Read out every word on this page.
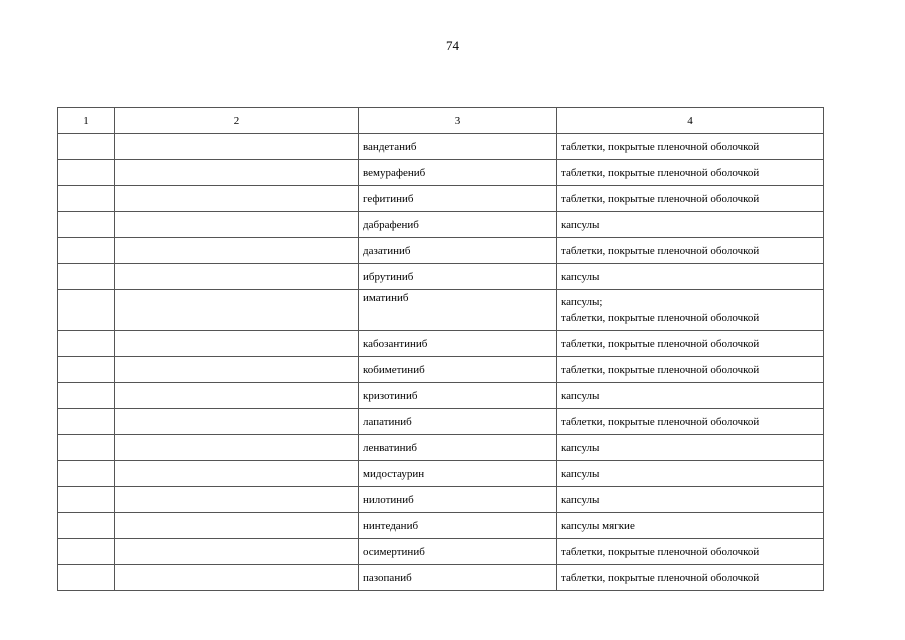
74
1	2	3	4
		вандетаниб	таблетки, покрытые пленочной оболочкой

		вемурафениб	таблетки, покрытые пленочной оболочкой

		гефитиниб	таблетки, покрытые пленочной оболочкой

		дабрафениб	капсулы

		дазатиниб	таблетки, покрытые пленочной оболочкой

		ибрутиниб	капсулы

		иматиниб	капсулы;
таблетки, покрытые пленочной оболочкой

		кабозантиниб	таблетки, покрытые пленочной оболочкой

		кобиметиниб	таблетки, покрытые пленочной оболочкой

		кризотиниб	капсулы

		лапатиниб	таблетки, покрытые пленочной оболочкой

		ленватиниб	капсулы

		мидостаурин	капсулы

		нилотиниб	капсулы

		нинтеданиб	капсулы мягкие

		осимертиниб	таблетки, покрытые пленочной оболочкой

		пазопаниб	таблетки, покрытые пленочной оболочкой
